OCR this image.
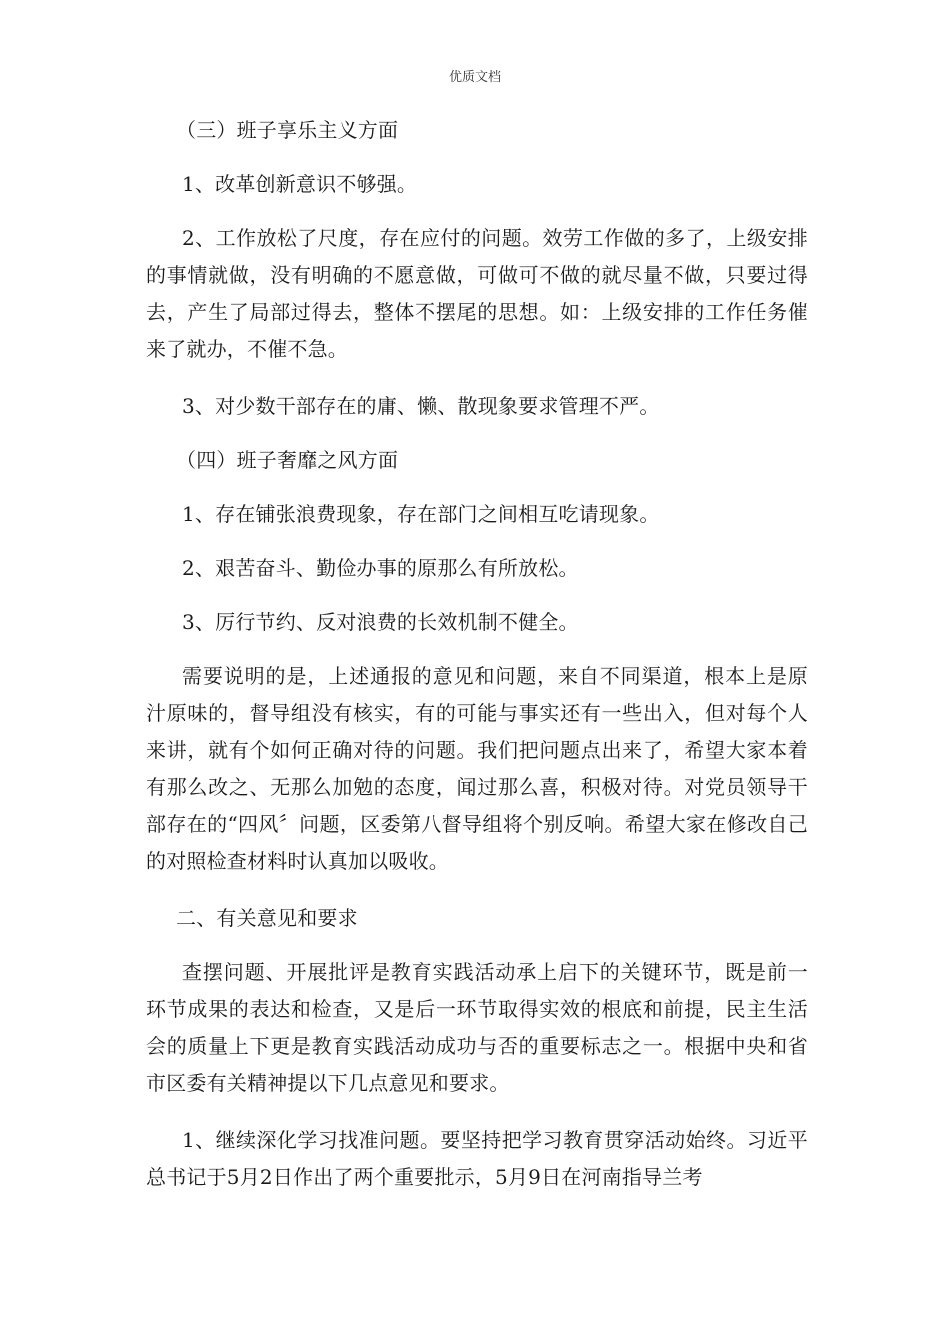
优质文档

（三）班子享乐主义方面

1、改革创新意识不够强。

2、工作放松了尺度，存在应付的问题。效劳工作做的多了，上级安排的事情就做，没有明确的不愿意做，可做可不做的就尽量不做，只要过得去，产生了局部过得去，整体不摆尾的思想。如：上级安排的工作任务催来了就办，不催不急。

3、对少数干部存在的庸、懒、散现象要求管理不严。

（四）班子奢靡之风方面

1、存在铺张浪费现象，存在部门之间相互吃请现象。

2、艰苦奋斗、勤俭办事的原那么有所放松。

3、厉行节约、反对浪费的长效机制不健全。

需要说明的是，上述通报的意见和问题，来自不同渠道，根本上是原汁原味的，督导组没有核实，有的可能与事实还有一些出入，但对每个人来讲，就有个如何正确对待的问题。我们把问题点出来了，希望大家本着有那么改之、无那么加勉的态度，闻过那么喜，积极对待。对党员领导干部存在的“四风〞问题，区委第八督导组将个别反响。希望大家在修改自己的对照检查材料时认真加以吸收。

二、有关意见和要求

查摆问题、开展批评是教育实践活动承上启下的关键环节，既是前一环节成果的表达和检查，又是后一环节取得实效的根底和前提，民主生活会的质量上下更是教育实践活动成功与否的重要标志之一。根据中央和省市区委有关精神提以下几点意见和要求。

1、继续深化学习找准问题。要坚持把学习教育贯穿活动始终。习近平总书记于5月2日作出了两个重要批示，5月9日在河南指导兰考
